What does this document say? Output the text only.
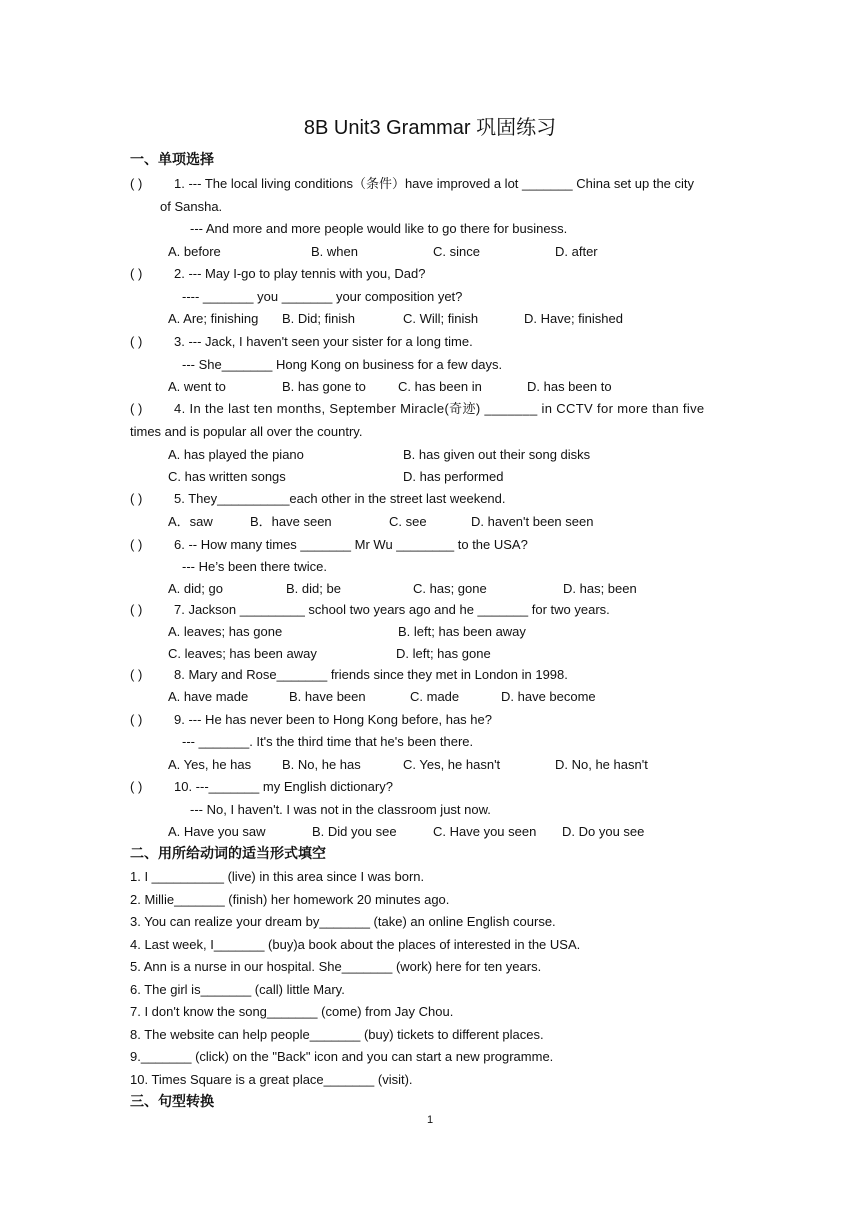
8B Unit3 Grammar 巩固练习
一、单项选择
( ) 1. --- The local living conditions（条件）have improved a lot _______ China set up the city
of Sansha.
--- And more and more people would like to go there for business.
A. before	B. when	C. since	D. after
( ) 2. --- May I-go to play tennis with you, Dad?
---- _______ you _______ your composition yet?
A. Are; finishing B. Did; finish	C. Will; finish	D. Have; finished
( ) 3. --- Jack, I haven't seen your sister for a long time.
--- She_______ Hong Kong on business for a few days.
A. went to	B. has gone to C. has been in	D. has been to
( ) 4. In the last ten months, September Miracle(奇迹) _______ in CCTV for more than five
times and is popular all over the country.
A. has played the piano	B. has given out their song disks
C. has written songs	D. has performed
( ) 5. They__________each other in the street last weekend.
A．saw	B．have seen	C. see	D. haven't been seen
( ) 6. -- How many times _______ Mr Wu ________ to the USA?
--- He’s been there twice.
A. did; go	B. did; be	C. has; gone	D. has; been
( ) 7. Jackson _________ school two years ago and he _______ for two years.
A. leaves; has gone	B. left; has been away
C. leaves; has been away	D. left; has gone
( ) 8. Mary and Rose_______ friends since they met in London in 1998.
A. have made	B. have been	C. made	D. have become
( ) 9. --- He has never been to Hong Kong before, has he?
--- _______. It's the third time that he's been there.
A. Yes, he has B. No, he has	C. Yes, he hasn't	D. No, he hasn't
( ) 10. ---_______ my English dictionary?
--- No, I haven't. I was not in the classroom just now.
A. Have you saw	B. Did you see	C. Have you seen D. Do you see
二、用所给动词的适当形式填空
1. I __________ (live) in this area since I was born.
2. Millie_______ (finish) her homework 20 minutes ago.
3. You can realize your dream by_______ (take) an online English course.
4. Last week, I_______ (buy)a book about the places of interested in the USA.
5. Ann is a nurse in our hospital. She_______ (work) here for ten years.
6. The girl is_______ (call) little Mary.
7. I don't know the song_______ (come) from Jay Chou.
8. The website can help people_______ (buy) tickets to different places.
9._______ (click) on the "Back" icon and you can start a new programme.
10. Times Square is a great place_______ (visit).
三、句型转换
1
